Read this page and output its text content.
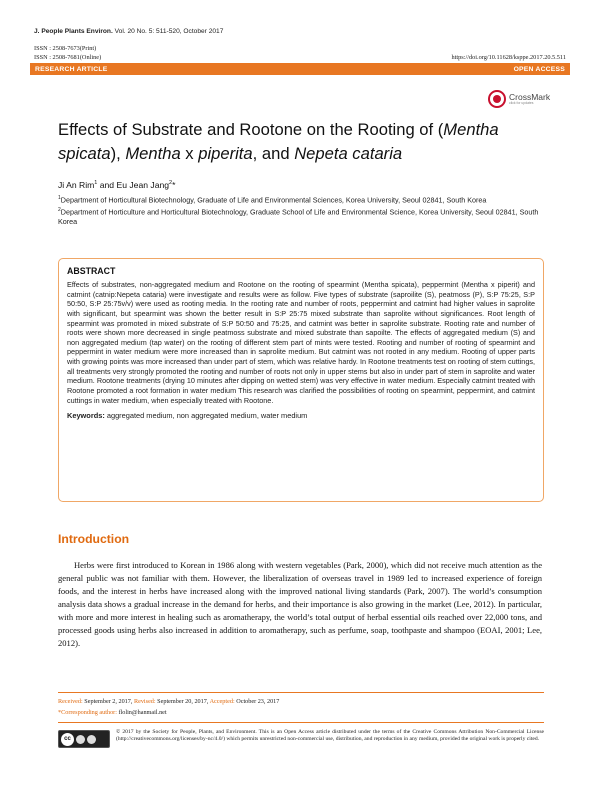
J. People Plants Environ. Vol. 20 No. 5: 511-520, October 2017
ISSN : 2508-7673(Print)
ISSN : 2508-7681(Online)	https://doi.org/10.11628/ksppe.2017.20.5.511
RESEARCH ARTICLE	OPEN ACCESS
CrossMark
click for updates
Effects of Substrate and Rootone on the Rooting of (Mentha spicata), Mentha x piperita, and Nepeta cataria
Ji An Rim$^1$ and Eu Jean Jang$^2$*
$^1$Department of Horticultural Biotechnology, Graduate of Life and Environmental Sciences, Korea University, Seoul 02841, South Korea
$^2$Department of Horticulture and Horticultural Biotechnology, Graduate School of Life and Environmental Science, Korea University, Seoul 02841, South Korea
ABSTRACT

Effects of substrates, non-aggregated medium and Rootone on the rooting of spearmint (Mentha spicata), peppermint (Mentha x piperit) and catmint (catnip:Nepeta cataria) were investigate and results were as follow. Five types of substrate (saproilite (S), peatmoss (P), S:P 75:25, S:P 50:50, S:P 25:75v/v) were used as rooting media. In the rooting rate and number of roots, peppermint and catmint had higher values in saprolite with significant, but spearmint was shown the better result in S:P 25:75 mixed substrate than saprolite without significances. Root length of spearmint was promoted in mixed substrate of S:P 50:50 and 75:25, and catmint was better in saprolite substrate. Rooting rate and number of roots were shown more decreased in single peatmoss substrate and mixed substrate than sapoilte. The effects of aggregated medium (S) and non aggregated medium (tap water) on the rooting of different stem part of mints were tested. Rooting and number of rooting of spearmint and peppermint in water medium were more increased than in saprolite medium. But catmint was not rooted in any medium. Rooting of upper parts with growing points was more increased than under part of stem, which was relative hardy. In Rootone treatments test on rooting of stem cuttings, all treatments very strongly promoted the rooting and number of roots not only in upper stems but also in under part of stem in saprolite and water medium. Rootone treatments (drying 10 minutes after dipping on wetted stem) was very effective in water medium. Especially catmint treated with Rootone promoted a root formation in water medium This research was clarified the possibilities of rooting on spearmint, peppermint, and catmint cuttings in water medium, when especially treated with Rootone.

Keywords: aggregated medium, non aggregated medium, water medium
Introduction

Herbs were first introduced to Korean in 1986 along with western vegetables (Park, 2000), which did not receive much attention as the general public was not familiar with them. However, the liberalization of overseas travel in 1989 led to increased experience of foreign foods, and the interest in herbs have increased along with the improved national living standards (Park, 2007). The world’s consumption analysis data shows a gradual increase in the demand for herbs, and their importance is also growing in the market (Lee, 2012). In particular, with more and more interest in healing such as aromatherapy, the world’s total output of herbal essential oils reached over 22,000 tons, and processed goods using herbs also increased in addition to aromatherapy, such as perfume, soap, toothpaste and shampoo (EOAI, 2001; Lee, 2012).

Received: September 2, 2017, Revised: September 20, 2017, Accepted: October 23, 2017
*Corresponding author: flolin@hanmail.net
cc

© 2017 by the Society for People, Plants, and Environment. This is an Open Access article distributed under the terms of the Creative Commons Attribution Non-Commercial License (http://creativecommons.org/licenses/by-nc/4.0/) which permits unrestricted non-commercial use, distribution, and reproduction in any medium, provided the original work is properly cited.
